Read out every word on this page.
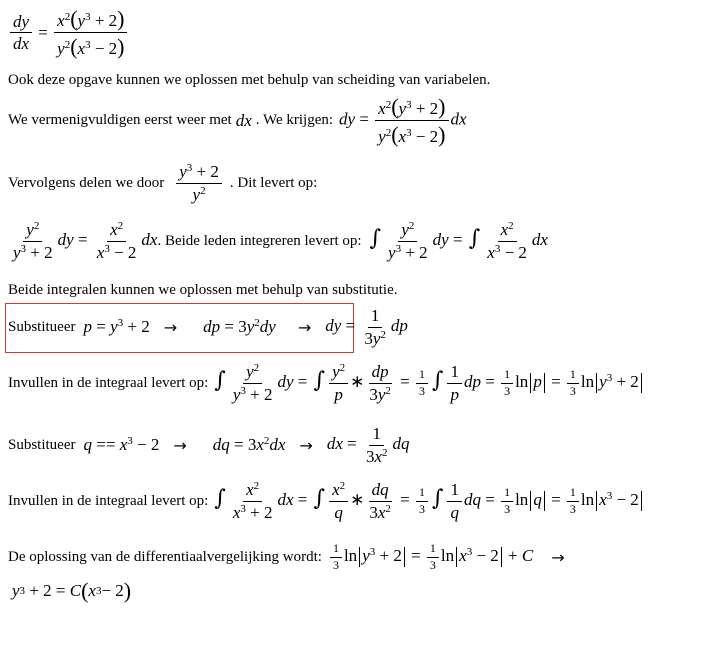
$\frac{dy}{dx} = \frac{x^2(y^3 + 2)}{y^2(x^3 - 2)}$
Ook deze opgave kunnen we oplossen met behulp van scheiding van variabelen.
We vermenigvuldigen eerst weer met dx . We krijgen: dy = $\frac{x^2(y^3 + 2)}{y^2(x^3 - 2)}$ dx
Vervolgens delen we door $\frac{y^3 + 2}{y^2}$ . Dit levert op:
$\frac{y^2}{y^3 + 2}$ dy = $\frac{x^2}{x^3 - 2}$ dx . Beide leden integreren levert op: ∫ $\frac{y^2}{y^3 + 2}$ dy = ∫ $\frac{x^2}{x^3 - 2}$ dx
Beide integralen kunnen we oplossen met behulp van substitutie.
Substitueer $p = y^3 + 2$ → dp = $3y^2dy$ → dy = $\frac{1}{3y^2}$ dp
Invullen in de integraal levert op: ∫ $\frac{y^2}{y^3 + 2}$ dy = ∫ $\frac{y^2}{p}$ ∗ $\frac{dp}{3y^2} = \frac{1}{3}$ ∫ $\frac{1}{p}$ dp = $\frac{1}{3}$ $\ln p = \frac{1}{3}$ $\ln y^3 + 2$
Substitueer $q == x^3 - 2$ → dq = $3x^2dx$ → dx = $\frac{1}{3x^2}$ dq
Invullen in de integraal levert op: ∫ $\frac{x^2}{x^3 + 2}$ dx = ∫ $\frac{x^2}{q}$ ∗ $\frac{dq}{3x^2} = \frac{1}{3}$ ∫ $\frac{1}{q}$ dq = $\frac{1}{3}$ $\ln q = \frac{1}{3}$ $\ln x^3 - 2$
De oplossing van de differentiaalvergelijking wordt: $\frac{1}{3}$ $\ln y^3 + 2 = \frac{1}{3}$ $\ln x^3 - 2 + C$ →
y 3 + 2 = C ( x 3 − 2 )
